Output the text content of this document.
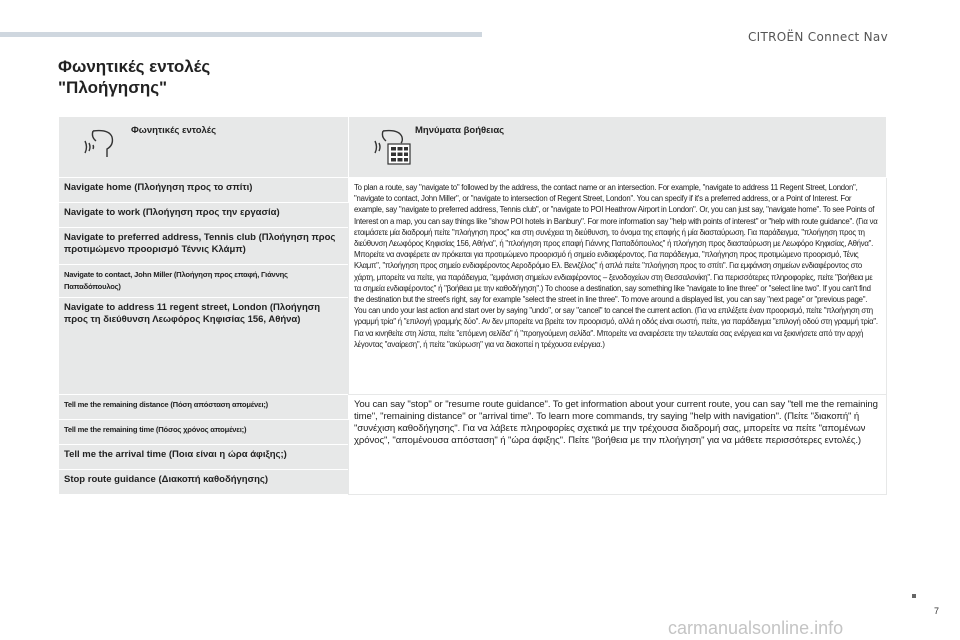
CITROËN Connect Nav
Φωνητικές εντολές
"Πλοήγησης"
Φωνητικές εντολές	Μηνύματα βοήθειας

Navigate home (Πλοήγηση προς το σπίτι)	To plan a route, say "navigate to" followed by the address, the contact name or an intersection. For example, "navigate to address 11 Regent Street, London", "navigate to contact, John Miller", or "navigate to intersection of Regent Street, London". You can specify if it's a preferred address, or a Point of Interest. For example, say "navigate to preferred address, Tennis club", or "navigate to POI Heathrow Airport in London". Or, you can just say, "navigate home". To see Points of Interest on a map, you can say things like "show POI hotels in Banbury". For more information say "help with points of interest" or "help with route guidance". (Για να ετοιμάσετε μία διαδρομή πείτε "πλοήγηση προς" και στη συνέχεια τη διεύθυνση, το όνομα της επαφής ή μία διασταύρωση. Για παράδειγμα, "πλοήγηση προς τη διεύθυνση Λεωφόρος Κηφισίας 156, Αθήνα", ή "πλοήγηση προς επαφή Γιάννης Παπαδόπουλος" ή πλοήγηση προς διασταύρωση με Λεωφόρο Κηφισίας, Αθήνα". Μπορείτε να αναφέρετε αν πρόκειται για προτιμώμενο προορισμό ή σημείο ενδιαφέροντος. Για παράδειγμα, "πλοήγηση προς προτιμώμενο προορισμό, Τένις Κλαμπ", "πλοήγηση προς σημείο ενδιαφέροντος Αεροδρόμιο Ελ. Βενιζέλος" ή απλά πείτε "πλοήγηση προς το σπίτι". Για εμφάνιση σημείων ενδιαφέροντος στο χάρτη, μπορείτε να πείτε, για παράδειγμα, "εμφάνιση σημείων ενδιαφέροντος – ξενοδοχείων στη Θεσσαλονίκη". Για περισσότερες πληροφορίες, πείτε "βοήθεια με τα σημεία ενδιαφέροντος" ή "βοήθεια με την καθοδήγηση".) To choose a destination, say something like "navigate to line three" or "select line two". If you can't find the destination but the street's right, say for example "select the street in line three". To move around a displayed list, you can say "next page" or "previous page". You can undo your last action and start over by saying "undo", or say "cancel" to cancel the current action. (Για να επιλέξετε έναν προορισμό, πείτε "πλοήγηση στη γραμμή τρία" ή "επιλογή γραμμής δύο". Αν δεν μπορείτε να βρείτε τον προορισμό, αλλά η οδός είναι σωστή, πείτε, για παράδειγμα "επιλογή οδού στη γραμμή τρία". Για να κινηθείτε στη λίστα, πείτε "επόμενη σελίδα" ή "προηγούμενη σελίδα". Μπορείτε να αναιρέσετε την τελευταία σας ενέργεια και να ξεκινήσετε από την αρχή λέγοντας "αναίρεση", ή πείτε "ακύρωση" για να διακοπεί η τρέχουσα ενέργεια.)
Navigate to work (Πλοήγηση προς την εργασία)	
Navigate to preferred address, Tennis club (Πλοήγηση προς προτιμώμενο προορισμό Τέννις Κλάμπ)	
Navigate to contact, John Miller (Πλοήγηση προς επαφή, Γιάννης Παπαδόπουλος)	
Navigate to address 11 regent street, London (Πλοήγηση προς τη διεύθυνση Λεωφόρος Κηφισίας 156, Αθήνα)	
Tell me the remaining distance (Πόση απόσταση απομένει;)	You can say "stop" or "resume route guidance". To get information about your current route, you can say "tell me the remaining time", "remaining distance" or "arrival time". To learn more commands, try saying "help with navigation". (Πείτε "διακοπή" ή "συνέχιση καθοδήγησης". Για να λάβετε πληροφορίες σχετικά με την τρέχουσα διαδρομή σας, μπορείτε να πείτε "απομένων χρόνος", "απομένουσα απόσταση" ή "ώρα άφιξης". Πείτε "βοήθεια με την πλοήγηση" για να μάθετε περισσότερες εντολές.)
Tell me the remaining time (Πόσος χρόνος απομένει;)	
Tell me the arrival time (Ποια είναι η ώρα άφιξης;)	
Stop route guidance (Διακοπή καθοδήγησης)	
7
carmanualsonline.info
